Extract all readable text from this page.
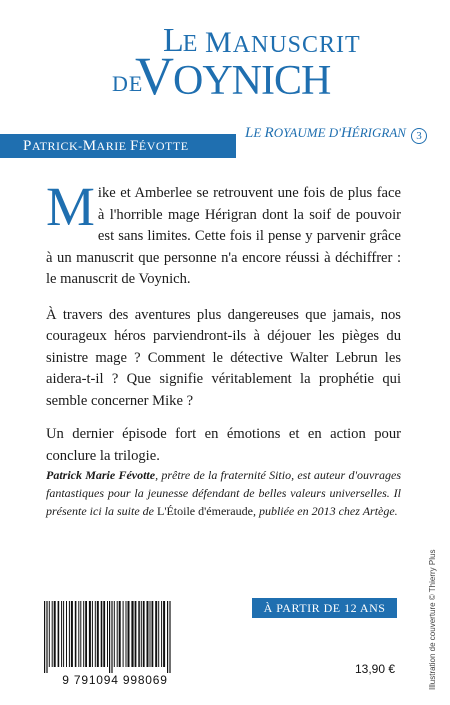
LE MANUSCRIT
DE
VOYNICH
LE ROYAUME D'HÉRIGRAN 3
PATRICK-MARIE FÉVOTTE

Mike et Amberlee se retrouvent une fois de plus face à l'horrible mage Hérigran dont la soif de pouvoir est sans limites. Cette fois il pense y parvenir grâce à un manuscrit que personne n'a encore réussi à déchiffrer : le manuscrit de Voynich.

À travers des aventures plus dangereuses que jamais, nos courageux héros parviendront-ils à déjouer les pièges du sinistre mage ? Comment le détective Walter Lebrun les aidera-t-il ? Que signifie véritablement la prophétie qui semble concerner Mike ?

Un dernier épisode fort en émotions et en action pour conclure la trilogie.

Patrick Marie Févotte, prêtre de la fraternité Sitio, est auteur d'ouvrages fantastiques pour la jeunesse défendant de belles valeurs universelles. Il présente ici la suite de L'Étoile d'émeraude, publiée en 2013 chez Artège.
Illustration de couverture © Thierry Plus
9 791094 998069
À PARTIR DE 12 ANS
13,90 €
